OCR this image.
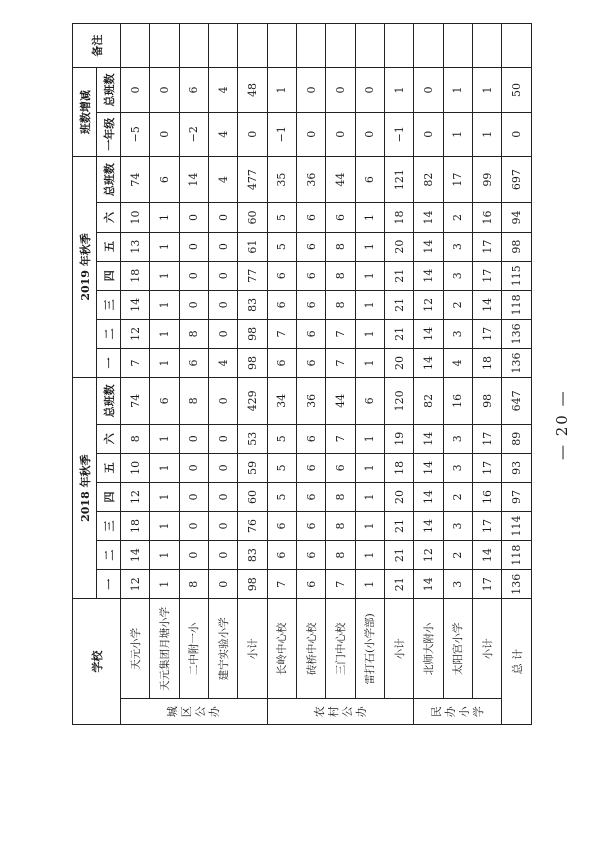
学校		2018 年秋季							2019 年秋季							班数增减		备注
		一	二	三	四	五	六	总班数	一	二	三	四	五	六	总班数	一年级	总班数	

城 区 公 办	天元小学	12	14	18	12	10	8	74	7	12	14	18	13	10	74	−5	0	
	天元集团月塘小学	1	1	1	1	1	1	6	1	1	1	1	1	1	6	0	0	
	二中附一小	8	0	0	0	0	0	8	6	8	0	0	0	0	14	−2	6	
	建宁实验小学	0	0	0	0	0	0	0	4	0	0	0	0	0	4	4	4	
	小计	98	83	76	60	59	53	429	98	98	83	77	61	60	477	0	48	

农 村 公 办	长岭中心校	7	6	6	5	5	5	34	6	7	6	6	5	5	35	−1	1	
	砖桥中心校	6	6	6	6	6	6	36	6	6	6	6	6	6	36	0	0	
	三门中心校	7	8	8	8	6	7	44	7	7	8	8	8	6	44	0	0	
	雷打石(小学部)	1	1	1	1	1	1	6	1	1	1	1	1	1	6	0	0	
	小计	21	21	21	20	18	19	120	20	21	21	21	20	18	121	−1	1	

民 办 小 学	北师大附小	14	12	14	14	14	14	82	14	14	12	14	14	14	82	0	0	
	太阳宫小学	3	2	3	2	3	3	16	4	3	2	3	3	2	17	1	1	
	小计	17	14	17	16	17	17	98	18	17	14	17	17	16	99	1	1	
总 计		136	118	114	97	93	89	647	136	136	118	115	98	94	697	0	50	
— 20 —
